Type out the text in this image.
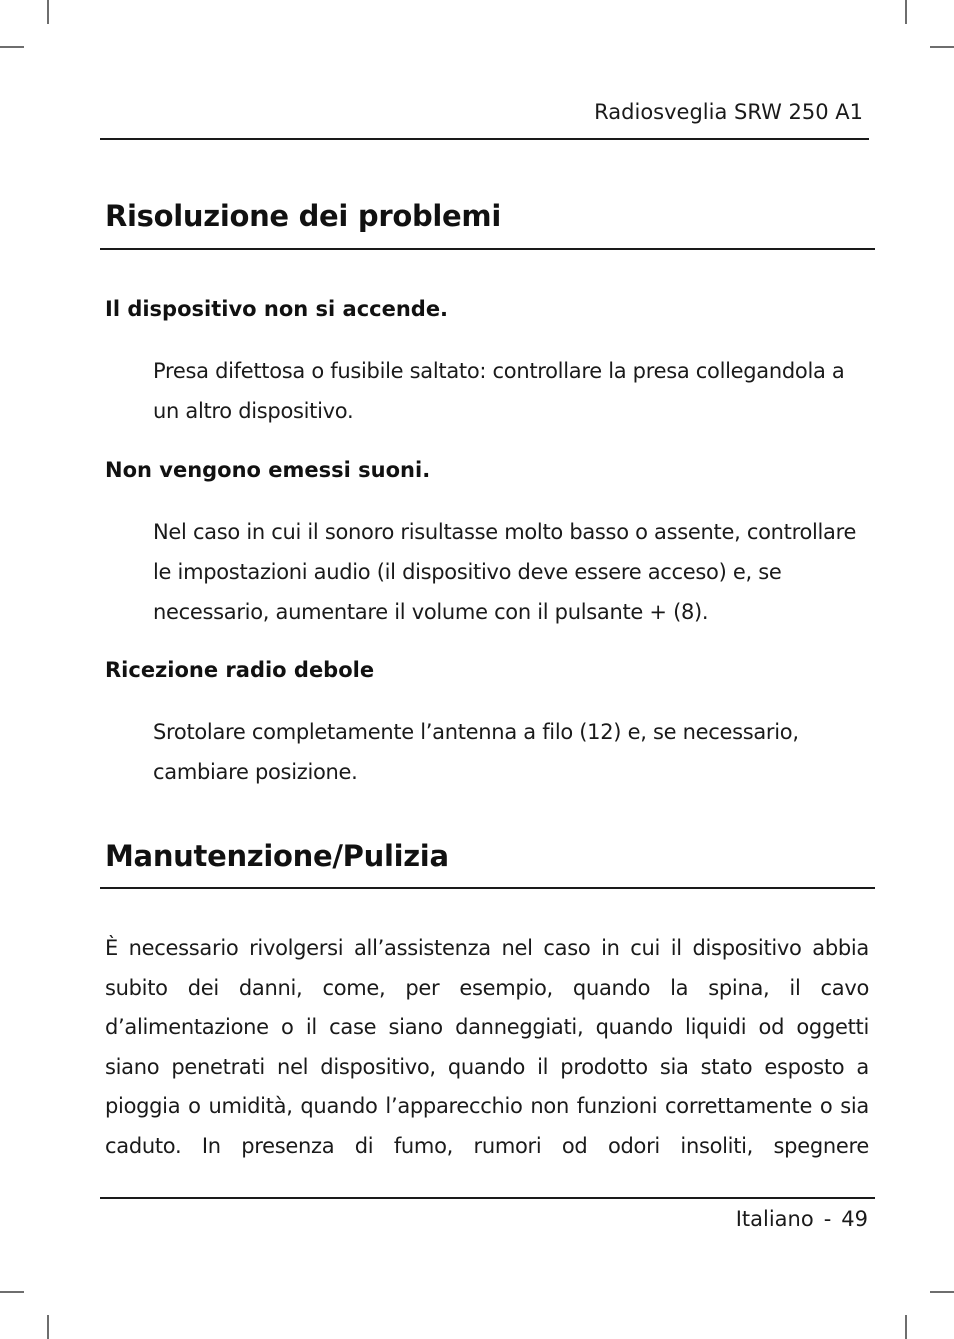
Radiosveglia SRW 250 A1
Risoluzione dei problemi
Il dispositivo non si accende.
Presa difettosa o fusibile saltato: controllare la presa collegandola a un altro dispositivo.
Non vengono emessi suoni.
Nel caso in cui il sonoro risultasse molto basso o assente, controllare le impostazioni audio (il dispositivo deve essere acceso) e, se necessario, aumentare il volume con il pulsante + (8).
Ricezione radio debole
Srotolare completamente l’antenna a filo (12) e, se necessario, cambiare posizione.
Manutenzione/Pulizia
È necessario rivolgersi all’assistenza nel caso in cui il dispositivo abbia subito dei danni, come, per esempio, quando la spina, il cavo d’alimentazione o il case siano danneggiati, quando liquidi od oggetti siano penetrati nel dispositivo, quando il prodotto sia stato esposto a pioggia o umidità, quando l’apparecchio non funzioni correttamente o sia caduto. In presenza di fumo, rumori od odori insoliti, spegnere
Italiano - 49
